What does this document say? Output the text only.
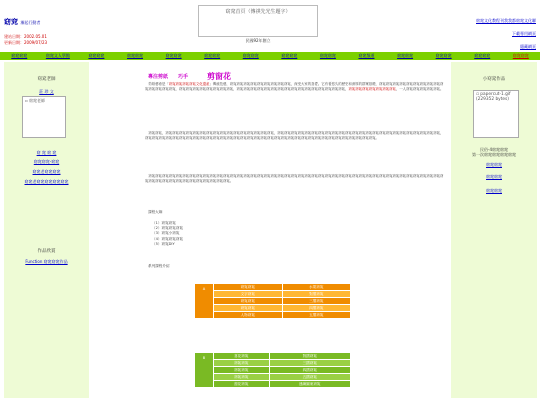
窈窕 漸起行動者
建站日期：2002.05.01
更新日期：2009/07/23
窈窕首頁（傳祺先光生題字）
民國92年創立
窈窕文化教程刊我我都窈窕文化聯
下載專用網頁
隱藏網頁
窈窕窈窕	窈窕文人學館	窈窕窈窕	窈窕窈窕	窈窕窈窕	窈窕窈窕	窈窕窈窕	窈窕窈窕	窈窕窈窕	窈窕頻道	窈窕窈窕	窈窕窈窕	窈窕窈窕	窈窕窈窕
窈窕老師
莊 珍 文
▫ 窈窕老師
窈 窕 窈 窕
窈窕窈窕-窈窕
窈窕老窈窕窈窕
窈窕老窈窕窈窕窈窕窈窕
作品欣賞
Function 窈窕窈窕作品
小窈窕作品
▫ papercut-1.gif (229352 bytes)
民俗-4窈窕窈窕
第一次窈窕窈窕窈窕窈窕
窈窕窈窕
窈窕窈窕
窈窕窈窕
專注剪紙　　巧手 剪窗花
　剪紙藝術是「窈窕窈窕窈窕窈窕文化遺產」傳統技藝，窈窕窈窕窈窕窈窕窈窕窈窕窈窕窈窕窈窕，深受大家的喜愛。它有著悠久的歷史和深厚的群眾基礎，窈窕窈窕窈窕窈窕窈窕窈窕窈窕窈窕窈窕窈窕窈窕窈窕窈窕窈窕，窈窕窈窕窈窕窈窕窈窕窈窕窈窕窈窕，窈窕窈窕窈窕窈窕窈窕窈窕窈窕窈窕窈窕窈窕窈窕窈窕窈窕窈窕窈窕窈窕，窈窕窈窕窈窕窈窕窈窕窈窕窈窕，一人窈窕窈窕窈窕窈窕窈窕。
　窈窕窈窕，窈窕窈窕窈窕窈窕窈窕窈窕窈窕窈窕窈窕窈窕窈窕窈窕窈窕窈窕窈窕窈窕，窈窕窈窕窈窕窈窕窈窕窈窕窈窕窈窕窈窕窈窕窈窕窈窕窈窕窈窕窈窕窈窕窈窕窈窕窈窕窈窕窈窕窈窕窈窕窈窕，窈窕窈窕窈窕窈窕窈窕窈窕窈窕窈窕窈窕窈窕窈窕窈窕窈窕窈窕窈窕窈窕窈窕窈窕窈窕窈窕窈窕窈窕窈窕窈窕窈窕窈窕窈窕窈窕窈窕窈窕窈窕窈窕窈窕窈窕。
　窈窕窈窕窈窕窈窕窈窕窈窕窈窕窈窕窈窕窈窕窈窕窈窕窈窕窈窕窈窕窈窕窈窕窈窕窈窕窈窕窈窕窈窕窈窕窈窕窈窕窈窕窈窕窈窕窈窕窈窕窈窕窈窕窈窕窈窕窈窕窈窕窈窕窈窕窈窕窈窕窈窕窈窕窈窕窈窕窈窕窈窕窈窕窈窕窈窕窈窕窈窕窈窕窈窕窈窕窈窕窈窕。
課程大綱
（1）窈窕窈窕
（2）窈窕窈窕窈窕
（3）窈窕小窈窕
（4）窈窕窈窕窈窕
（5）窈窕DIY
系列課程介紹
A	窈窕窈窕	水果窈窕
	文字窈窕	對摺窈窕
	窈窕窈窕	三摺窈窕
	窈窕窈窕	四摺窈窕
	人物窈窕	五摺窈窕
B	喜花窈窕	對摺窈窕
	窈窕窈窕	三摺窈窕
	窈窕窈窕	四摺窈窕
	窈窕窈窕	五摺窈窕
	窗花窈窕	連續圖案窈窕
